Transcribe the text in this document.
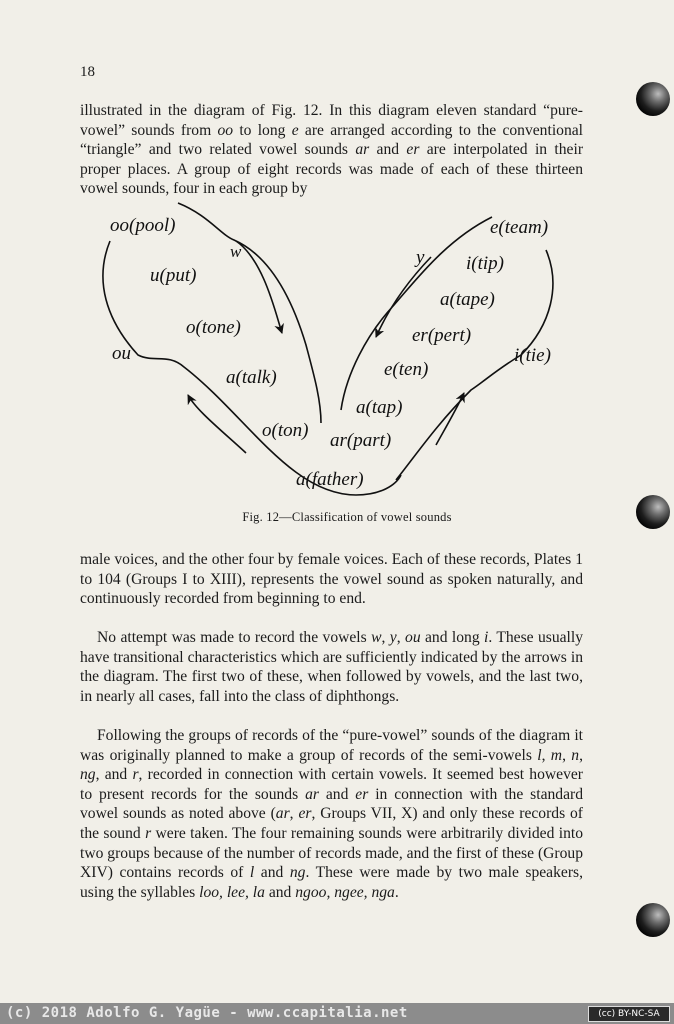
18

illustrated in the diagram of Fig. 12. In this diagram eleven standard “pure-vowel” sounds from oo to long e are arranged according to the conventional “triangle” and two related vowel sounds ar and er are interpolated in their proper places. A group of eight records was made of each of these thirteen vowel sounds, four in each group by

oo(pool)
w
u(put)
o(tone)
ou
a(talk)
o(ton) ar(part)
a(father)
e(team)
y i(tip)
a(tape)
er(pert)
i(tie)
e(ten)
a(tap)
Fig. 12—Classification of vowel sounds

male voices, and the other four by female voices. Each of these records, Plates 1 to 104 (Groups I to XIII), represents the vowel sound as spoken naturally, and continuously recorded from beginning to end.

No attempt was made to record the vowels w, y, ou and long i. These usually have transitional characteristics which are sufficiently indicated by the arrows in the diagram. The first two of these, when followed by vowels, and the last two, in nearly all cases, fall into the class of diphthongs.

Following the groups of records of the “pure-vowel” sounds of the diagram it was originally planned to make a group of records of the semi-vowels l, m, n, ng, and r, recorded in connection with certain vowels. It seemed best however to present records for the sounds ar and er in connection with the standard vowel sounds as noted above (ar, er, Groups VII, X) and only these records of the sound r were taken. The four remaining sounds were arbitrarily divided into two groups because of the number of records made, and the first of these (Group XIV) contains records of l and ng. These were made by two male speakers, using the syllables loo, lee, la and ngoo, ngee, nga.

(c) 2018 Adolfo G. Yagüe - www.ccapitalia.net	(cc) BY-NC-SA
